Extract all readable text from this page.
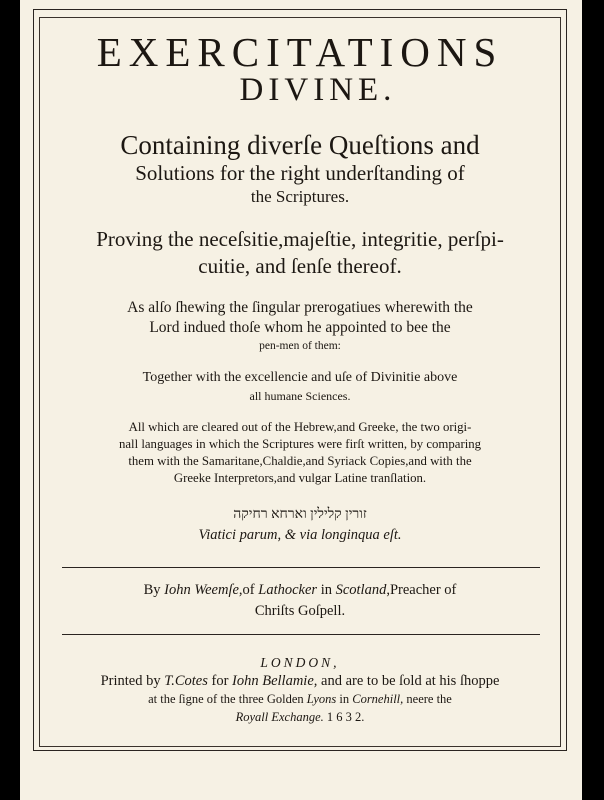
EXERCITATIONS
DIVINE.
Containing diverſe Queſtions and
Solutions for the right underſtanding of
the Scriptures.
Proving the neceſsitie,majeſtie, integritie, perſpi-
cuitie, and ſenſe thereof.
As alſo ſhewing the ſingular prerogatiues wherewith the
Lord indued thoſe whom he appointed to bee the
pen-men of them:
Together with the excellencie and uſe of Divinitie above
all humane Sciences.
All which are cleared out of the Hebrew,and Greeke, the two origi-
nall languages in which the Scriptures were firſt written, by comparing
them with the Samaritane,Chaldie,and Syriack Copies,and with the
Greeke Interpretors,and vulgar Latine tranſlation.
זורין קלילין וארחא רחיקה
Viatici parum, & via longinqua eſt.
By Iohn Weemſe,of Lathocker in Scotland,Preacher of
Chriſts Goſpell.
LONDON,
Printed by T.Cotes for Iohn Bellamie, and are to be ſold at his ſhoppe
at the ſigne of the three Golden Lyons in Cornehill, neere the
Royall Exchange. 1 6 3 2.
